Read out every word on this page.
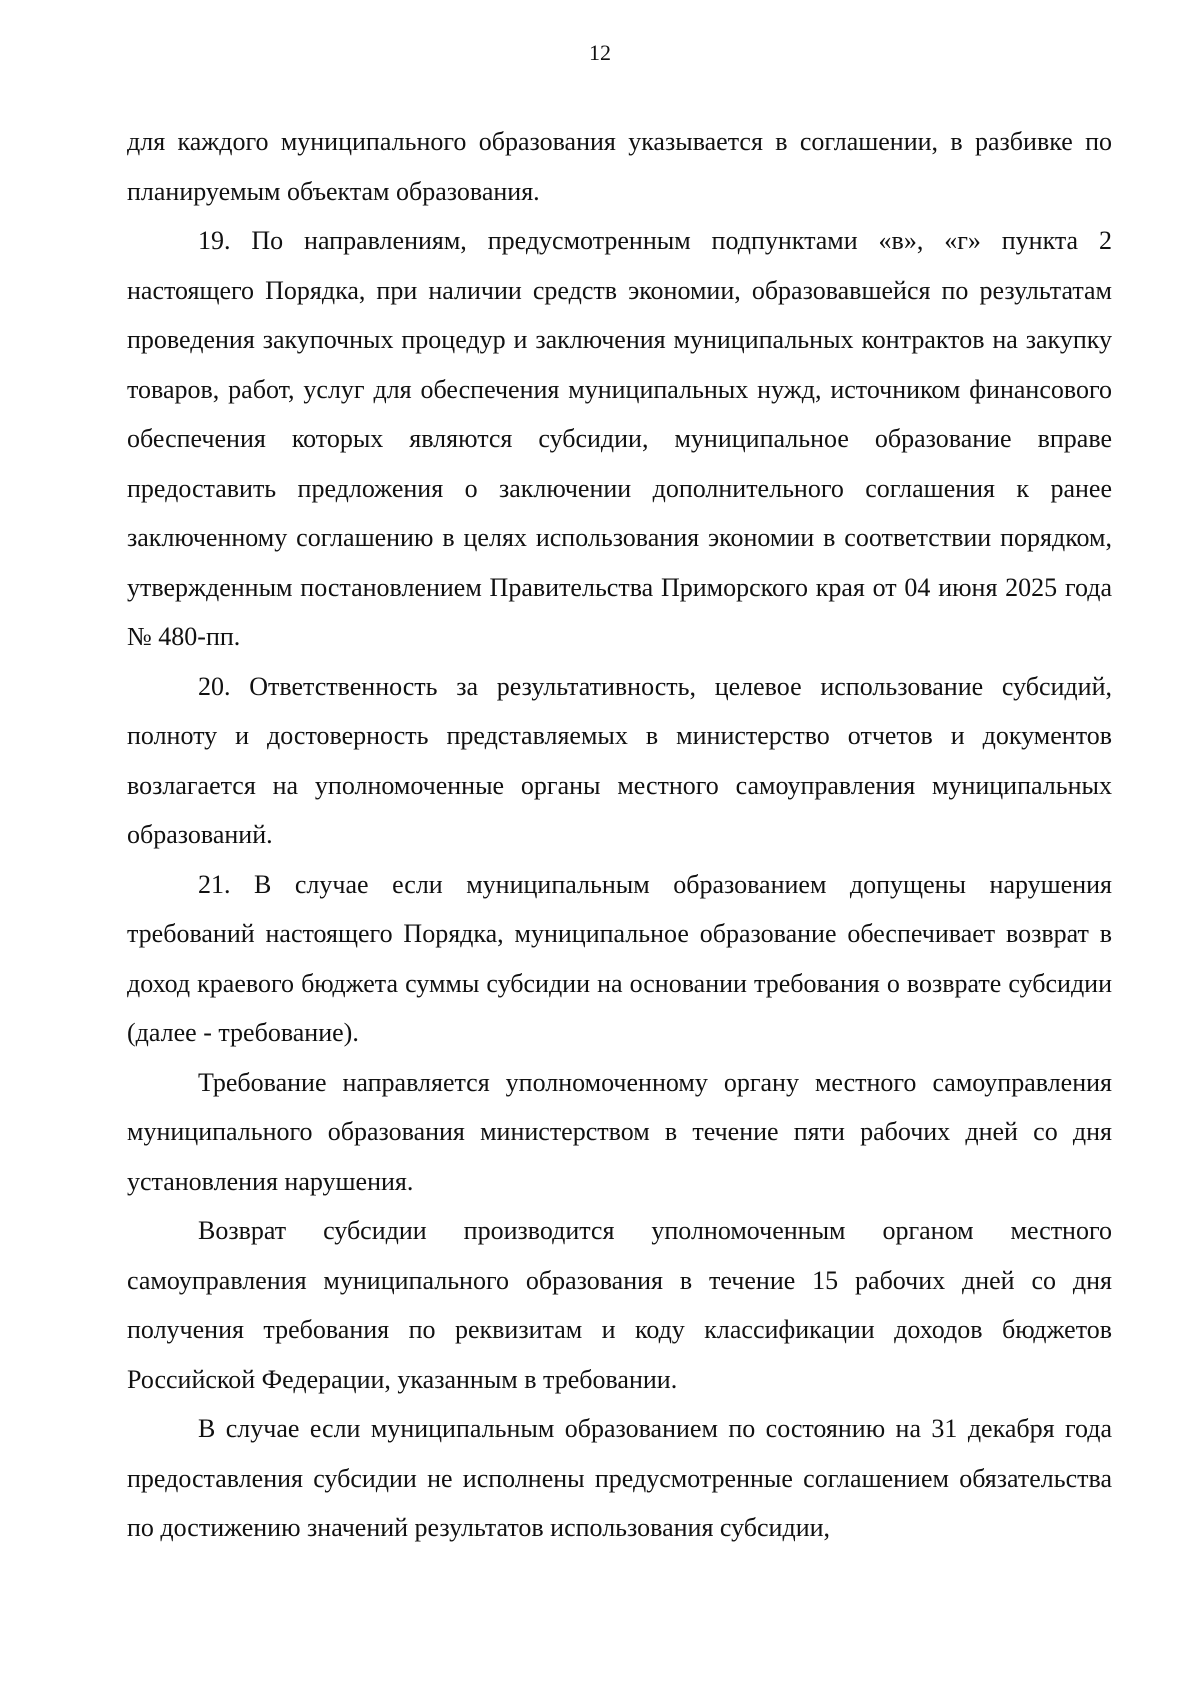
12

для каждого муниципального образования указывается в соглашении, в разбивке по планируемым объектам образования.

19. По направлениям, предусмотренным подпунктами «в», «г» пункта 2 настоящего Порядка, при наличии средств экономии, образовавшейся по результатам проведения закупочных процедур и заключения муниципальных контрактов на закупку товаров, работ, услуг для обеспечения муниципальных нужд, источником финансового обеспечения которых являются субсидии, муниципальное образование вправе предоставить предложения о заключении дополнительного соглашения к ранее заключенному соглашению в целях использования экономии в соответствии порядком, утвержденным постановлением Правительства Приморского края от 04 июня 2025 года № 480-пп.

20. Ответственность за результативность, целевое использование субсидий, полноту и достоверность представляемых в министерство отчетов и документов возлагается на уполномоченные органы местного самоуправления муниципальных образований.

21. В случае если муниципальным образованием допущены нарушения требований настоящего Порядка, муниципальное образование обеспечивает возврат в доход краевого бюджета суммы субсидии на основании требования о возврате субсидии (далее - требование).

Требование направляется уполномоченному органу местного самоуправления муниципального образования министерством в течение пяти рабочих дней со дня установления нарушения.

Возврат субсидии производится уполномоченным органом местного самоуправления муниципального образования в течение 15 рабочих дней со дня получения требования по реквизитам и коду классификации доходов бюджетов Российской Федерации, указанным в требовании.

В случае если муниципальным образованием по состоянию на 31 декабря года предоставления субсидии не исполнены предусмотренные соглашением обязательства по достижению значений результатов использования субсидии,
